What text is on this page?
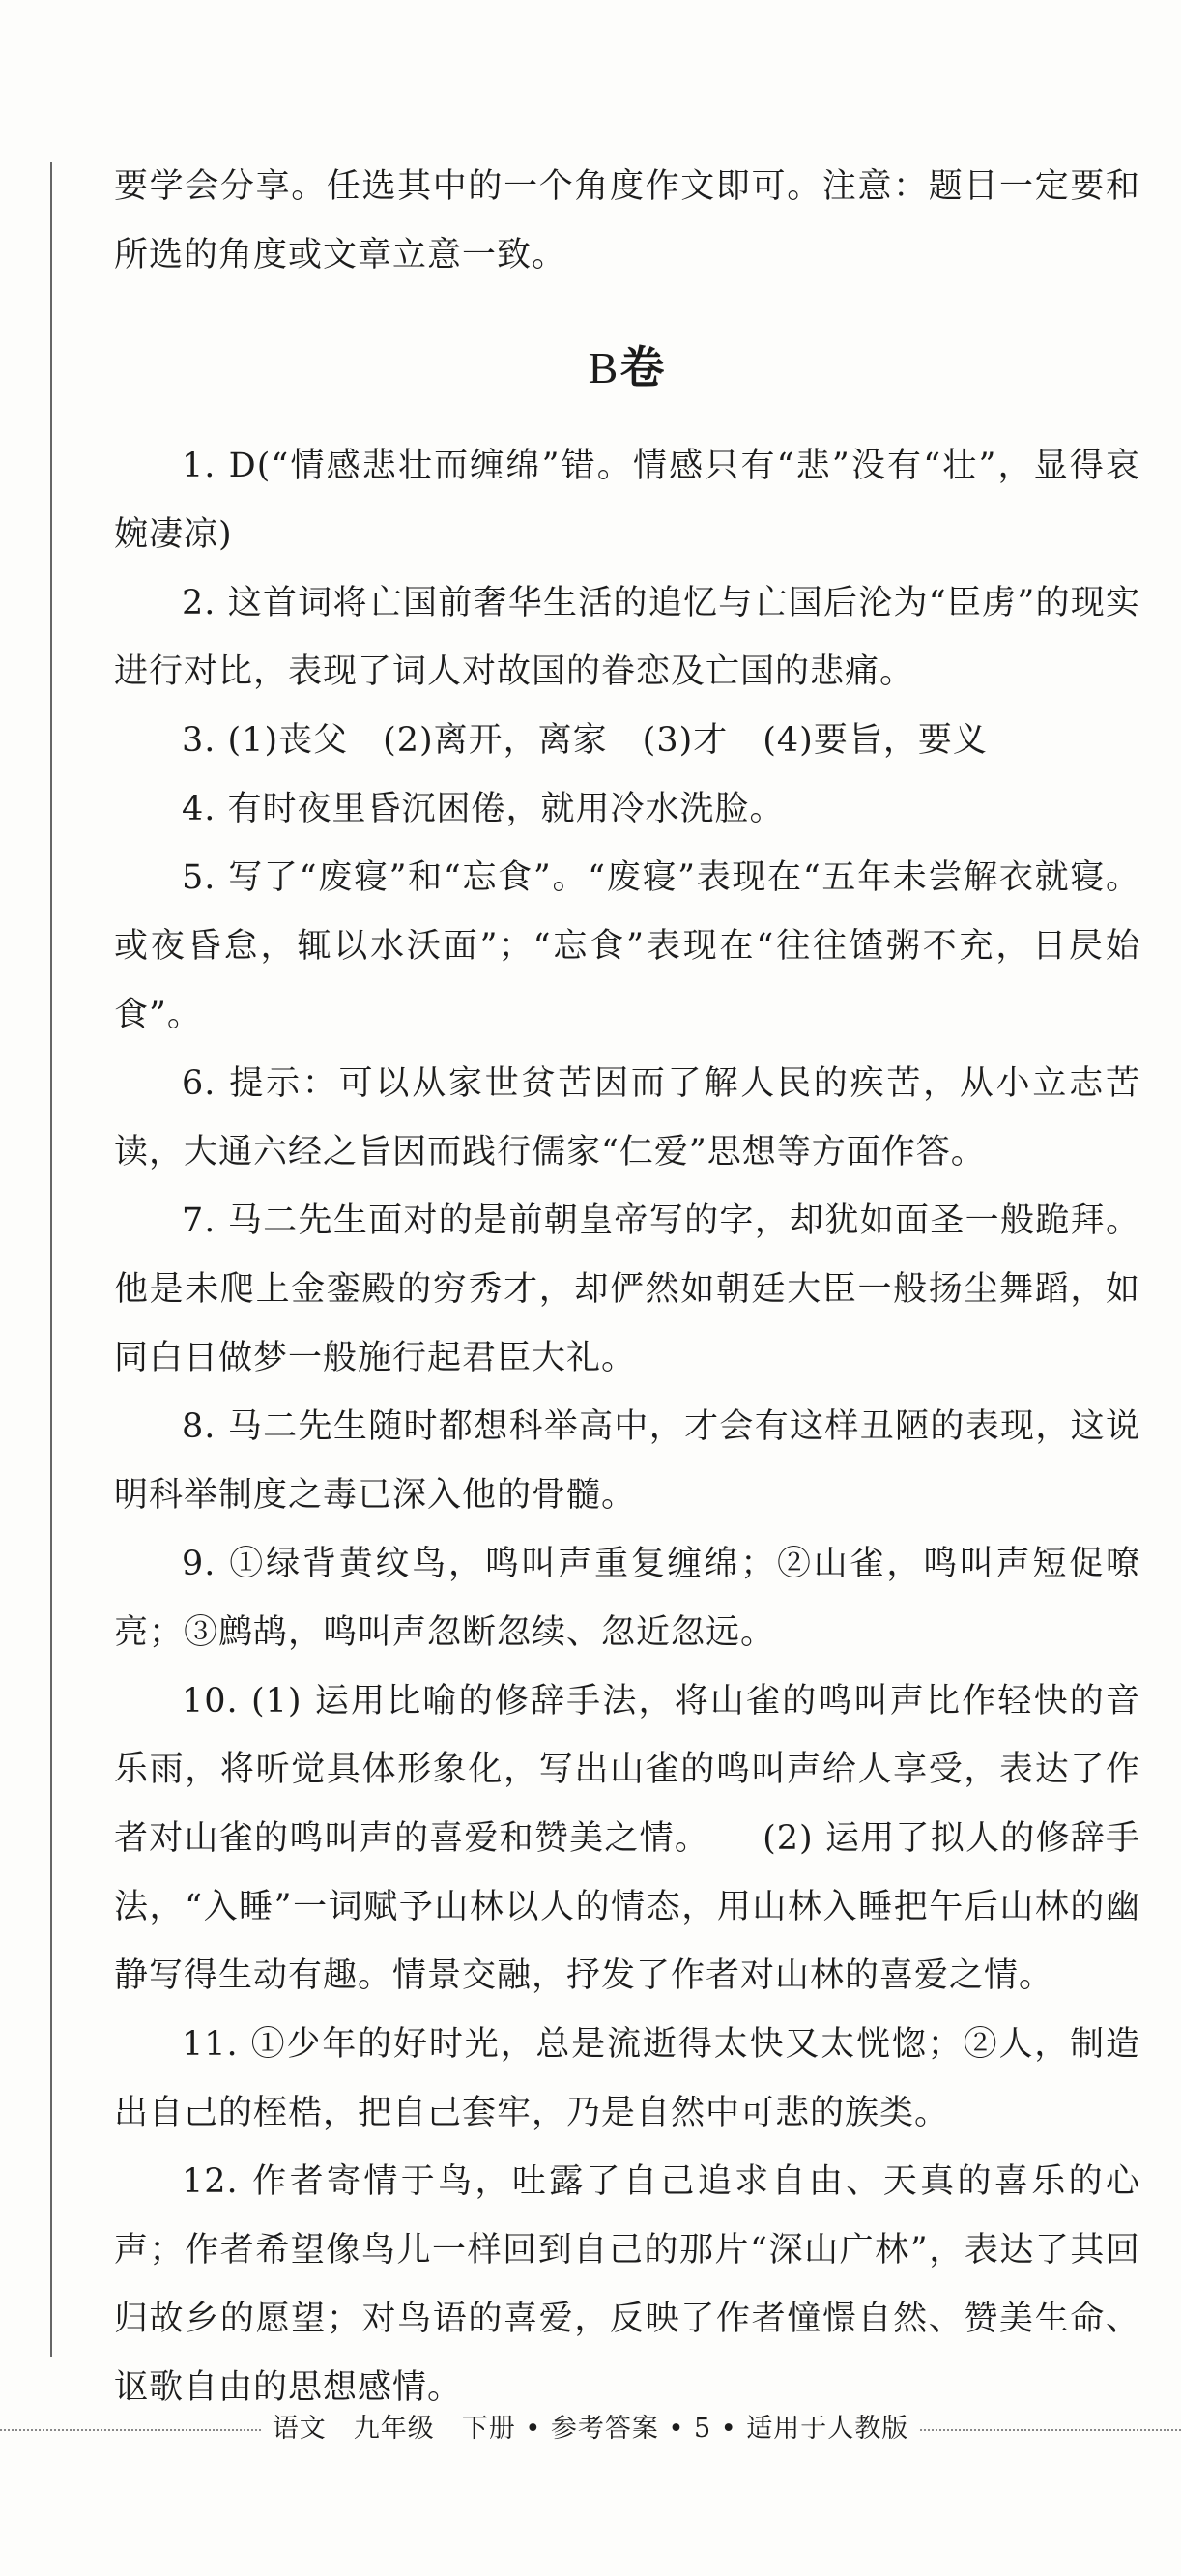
要学会分享。任选其中的一个角度作文即可。注意：题目一定要和所选的角度或文章立意一致。

B卷

1. D(“情感悲壮而缠绵”错。情感只有“悲”没有“壮”，显得哀婉凄凉)

2. 这首词将亡国前奢华生活的追忆与亡国后沦为“臣虏”的现实进行对比，表现了词人对故国的眷恋及亡国的悲痛。

3. (1)丧父　(2)离开，离家　(3)才　(4)要旨，要义

4. 有时夜里昏沉困倦，就用冷水洗脸。

5. 写了“废寝”和“忘食”。“废寝”表现在“五年未尝解衣就寝。或夜昏怠，辄以水沃面”；“忘食”表现在“往往馇粥不充，日昃始食”。

6. 提示：可以从家世贫苦因而了解人民的疾苦，从小立志苦读，大通六经之旨因而践行儒家“仁爱”思想等方面作答。

7. 马二先生面对的是前朝皇帝写的字，却犹如面圣一般跪拜。他是未爬上金銮殿的穷秀才，却俨然如朝廷大臣一般扬尘舞蹈，如同白日做梦一般施行起君臣大礼。

8. 马二先生随时都想科举高中，才会有这样丑陋的表现，这说明科举制度之毒已深入他的骨髓。

9. ①绿背黄纹鸟，鸣叫声重复缠绵；②山雀，鸣叫声短促嘹亮；③鹧鸪，鸣叫声忽断忽续、忽近忽远。

10. (1) 运用比喻的修辞手法，将山雀的鸣叫声比作轻快的音乐雨，将听觉具体形象化，写出山雀的鸣叫声给人享受，表达了作者对山雀的鸣叫声的喜爱和赞美之情。　　(2) 运用了拟人的修辞手法，“入睡”一词赋予山林以人的情态，用山林入睡把午后山林的幽静写得生动有趣。情景交融，抒发了作者对山林的喜爱之情。

11. ①少年的好时光，总是流逝得太快又太恍惚；②人，制造出自己的桎梏，把自己套牢，乃是自然中可悲的族类。

12. 作者寄情于鸟，吐露了自己追求自由、天真的喜乐的心声；作者希望像鸟儿一样回到自己的那片“深山广林”，表达了其回归故乡的愿望；对鸟语的喜爱，反映了作者憧憬自然、赞美生命、讴歌自由的思想感情。

语文　九年级　下册 • 参考答案 • 5 • 适用于人教版
